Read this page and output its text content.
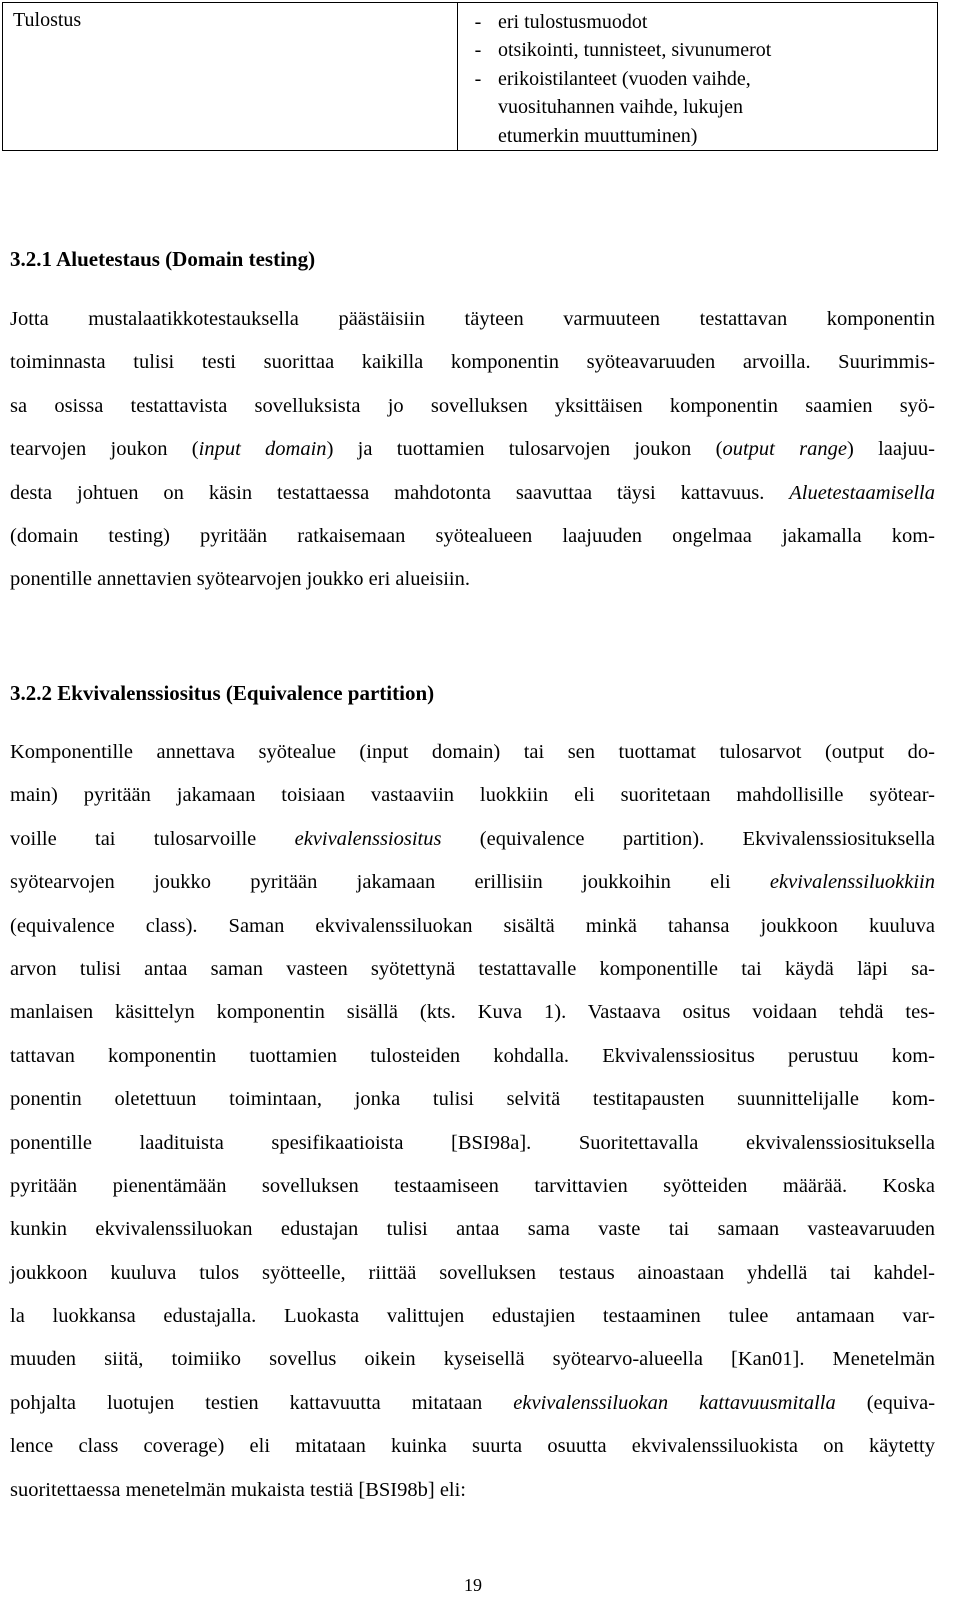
Tulostus	- eri tulostusmuodot
- otsikointi, tunnisteet, sivunumerot
- erikoistilanteet (vuoden vaihde,
vuosituhannen vaihde, lukujen
etumerkin muuttuminen)
3.2.1 Aluetestaus (Domain testing)
Jotta mustalaatikkotestauksella päästäisiin täyteen varmuuteen testattavan komponentin
toiminnasta tulisi testi suorittaa kaikilla komponentin syöteavaruuden arvoilla. Suurimmis-
sa osissa testattavista sovelluksista jo sovelluksen yksittäisen komponentin saamien syö-
tearvojen joukon (input domain) ja tuottamien tulosarvojen joukon (output range) laajuu-
desta johtuen on käsin testattaessa mahdotonta saavuttaa täysi kattavuus. Aluetestaamisella
(domain testing) pyritään ratkaisemaan syötealueen laajuuden ongelmaa jakamalla kom-
ponentille annettavien syötearvojen joukko eri alueisiin.
3.2.2 Ekvivalenssiositus (Equivalence partition)
Komponentille annettava syötealue (input domain) tai sen tuottamat tulosarvot (output do-
main) pyritään jakamaan toisiaan vastaaviin luokkiin eli suoritetaan mahdollisille syötear-
voille tai tulosarvoille ekvivalenssiositus (equivalence partition). Ekvivalenssiosituksella
syötearvojen joukko pyritään jakamaan erillisiin joukkoihin eli ekvivalenssiluokkiin
(equivalence class). Saman ekvivalenssiluokan sisältä minkä tahansa joukkoon kuuluva
arvon tulisi antaa saman vasteen syötettynä testattavalle komponentille tai käydä läpi sa-
manlaisen käsittelyn komponentin sisällä (kts. Kuva 1). Vastaava ositus voidaan tehdä tes-
tattavan komponentin tuottamien tulosteiden kohdalla. Ekvivalenssiositus perustuu kom-
ponentin oletettuun toimintaan, jonka tulisi selvitä testitapausten suunnittelijalle kom-
ponentille laadituista spesifikaatioista [BSI98a]. Suoritettavalla ekvivalenssiosituksella
pyritään pienentämään sovelluksen testaamiseen tarvittavien syötteiden määrää. Koska
kunkin ekvivalenssiluokan edustajan tulisi antaa sama vaste tai samaan vasteavaruuden
joukkoon kuuluva tulos syötteelle, riittää sovelluksen testaus ainoastaan yhdellä tai kahdel-
la luokkansa edustajalla. Luokasta valittujen edustajien testaaminen tulee antamaan var-
muuden siitä, toimiiko sovellus oikein kyseisellä syötearvo-alueella [Kan01]. Menetelmän
pohjalta luotujen testien kattavuutta mitataan ekvivalenssiluokan kattavuusmitalla (equiva-
lence class coverage) eli mitataan kuinka suurta osuutta ekvivalenssiluokista on käytetty
suoritettaessa menetelmän mukaista testiä [BSI98b] eli:
19
